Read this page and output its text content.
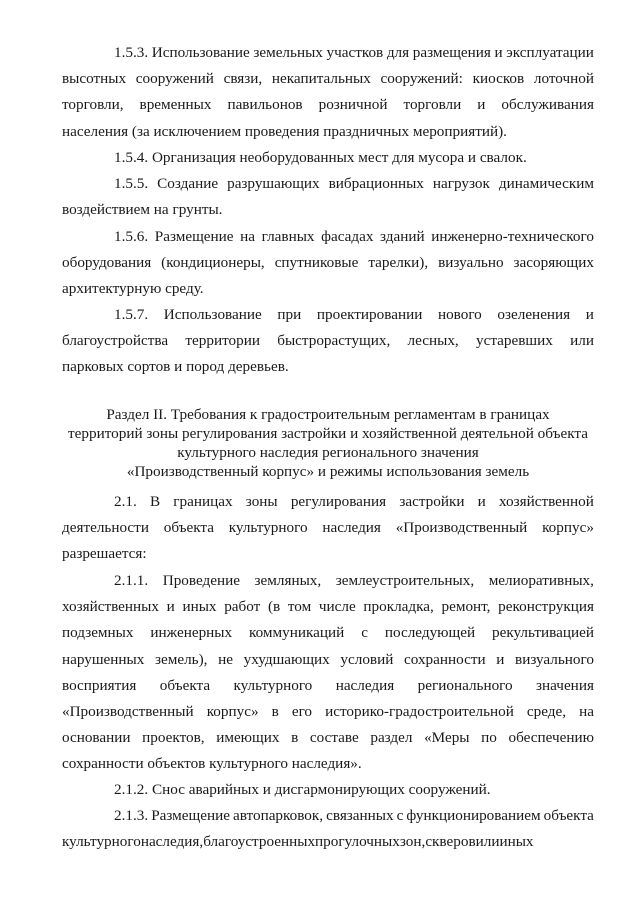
1.5.3. Использование земельных участков для размещения и эксплуатации
высотных сооружений связи, некапитальных сооружений: киосков лоточной
торговли, временных павильонов розничной торговли и обслуживания
населения (за исключением проведения праздничных мероприятий).
1.5.4. Организация необорудованных мест для мусора и свалок.
1.5.5. Создание разрушающих вибрационных нагрузок динамическим
воздействием на грунты.
1.5.6. Размещение на главных фасадах зданий инженерно-технического
оборудования (кондиционеры, спутниковые тарелки), визуально засоряющих
архитектурную среду.
1.5.7. Использование при проектировании нового озеленения и
благоустройства территории быстрорастущих, лесных, устаревших или
парковых сортов и пород деревьев.
Раздел II. Требования к градостроительным регламентам в границах
территорий зоны регулирования застройки и хозяйственной деятельной объекта
культурного наследия регионального значения
«Производственный корпус» и режимы использования земель
2.1. В границах зоны регулирования застройки и хозяйственной
деятельности объекта культурного наследия «Производственный корпус»
разрешается:
2.1.1. Проведение земляных, землеустроительных, мелиоративных,
хозяйственных и иных работ (в том числе прокладка, ремонт, реконструкция
подземных инженерных коммуникаций с последующей рекультивацией
нарушенных земель), не ухудшающих условий сохранности и визуального
восприятия объекта культурного наследия регионального значения
«Производственный корпус» в его историко-градостроительной среде, на
основании проектов, имеющих в составе раздел «Меры по обеспечению
сохранности объектов культурного наследия».
2.1.2. Снос аварийных и дисгармонирующих сооружений.
2.1.3. Размещение автопарковок, связанных с функционированием объекта
культурного наследия, благоустроенных прогулочных зон, скверов или иных
